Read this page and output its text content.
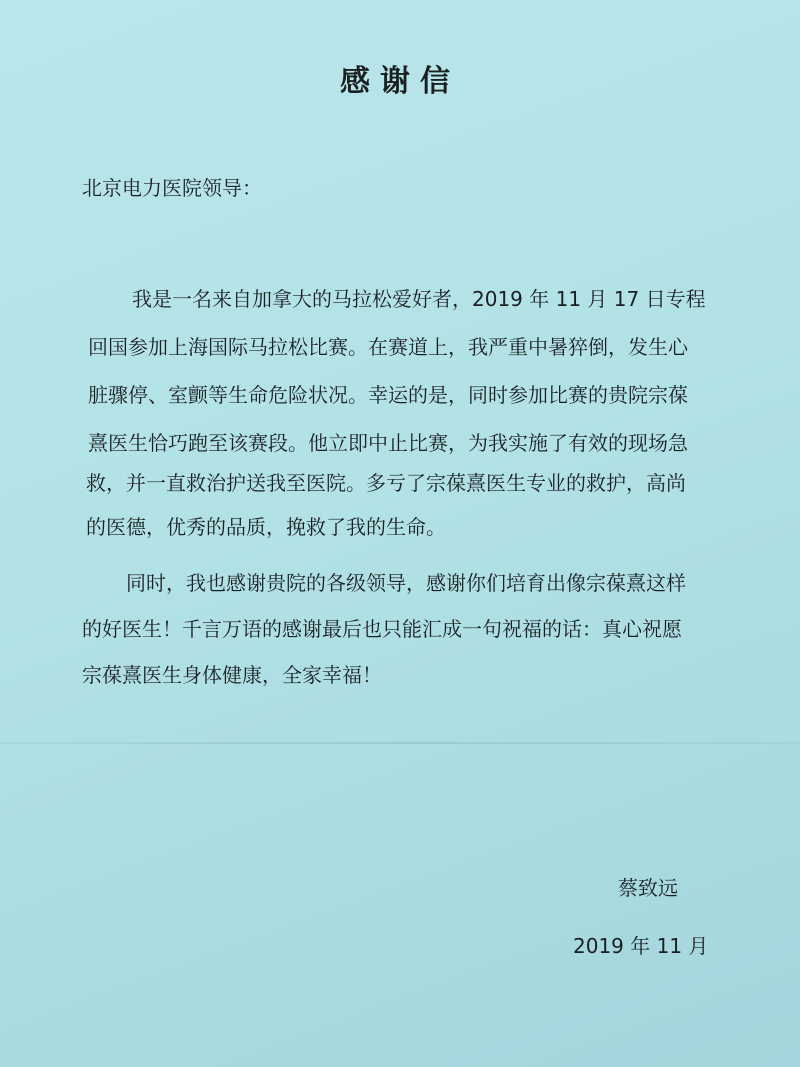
感谢信
北京电力医院领导：
我是一名来自加拿大的马拉松爱好者，2019 年 11 月 17 日专程
回国参加上海国际马拉松比赛。在赛道上，我严重中暑猝倒，发生心
脏骤停、室颤等生命危险状况。幸运的是，同时参加比赛的贵院宗葆
熹医生恰巧跑至该赛段。他立即中止比赛，为我实施了有效的现场急
救，并一直救治护送我至医院。多亏了宗葆熹医生专业的救护，高尚
的医德，优秀的品质，挽救了我的生命。
同时，我也感谢贵院的各级领导，感谢你们培育出像宗葆熹这样
的好医生！千言万语的感谢最后也只能汇成一句祝福的话：真心祝愿
宗葆熹医生身体健康，全家幸福！
蔡致远
2019 年 11 月
